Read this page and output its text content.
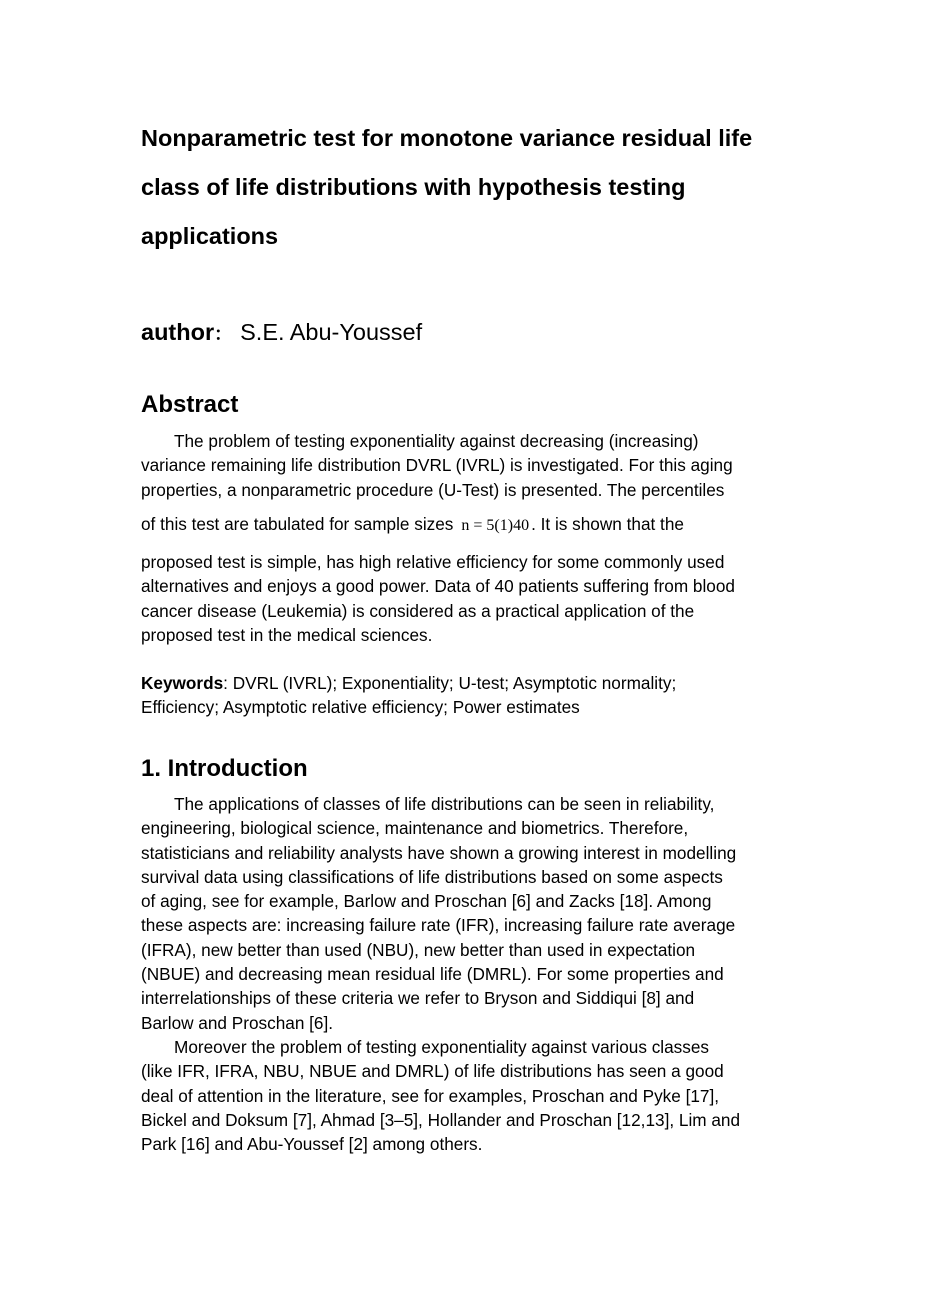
Nonparametric test for monotone variance residual life
class of life distributions with hypothesis testing
applications
author： S.E. Abu-Youssef
Abstract
The problem of testing exponentiality against decreasing (increasing)
variance remaining life distribution DVRL (IVRL) is investigated. For this aging
properties, a nonparametric procedure (U-Test) is presented. The percentiles
of this test are tabulated for sample sizes n = 5(1)40 . It is shown that the
proposed test is simple, has high relative efficiency for some commonly used
alternatives and enjoys a good power. Data of 40 patients suffering from blood
cancer disease (Leukemia) is considered as a practical application of the
proposed test in the medical sciences.
Keywords: DVRL (IVRL); Exponentiality; U-test; Asymptotic normality;
Efficiency; Asymptotic relative efficiency; Power estimates
1. Introduction
The applications of classes of life distributions can be seen in reliability,
engineering, biological science, maintenance and biometrics. Therefore,
statisticians and reliability analysts have shown a growing interest in modelling
survival data using classifications of life distributions based on some aspects
of aging, see for example, Barlow and Proschan [6] and Zacks [18]. Among
these aspects are: increasing failure rate (IFR), increasing failure rate average
(IFRA), new better than used (NBU), new better than used in expectation
(NBUE) and decreasing mean residual life (DMRL). For some properties and
interrelationships of these criteria we refer to Bryson and Siddiqui [8] and
Barlow and Proschan [6].
Moreover the problem of testing exponentiality against various classes
(like IFR, IFRA, NBU, NBUE and DMRL) of life distributions has seen a good
deal of attention in the literature, see for examples, Proschan and Pyke [17],
Bickel and Doksum [7], Ahmad [3–5], Hollander and Proschan [12,13], Lim and
Park [16] and Abu-Youssef [2] among others.
